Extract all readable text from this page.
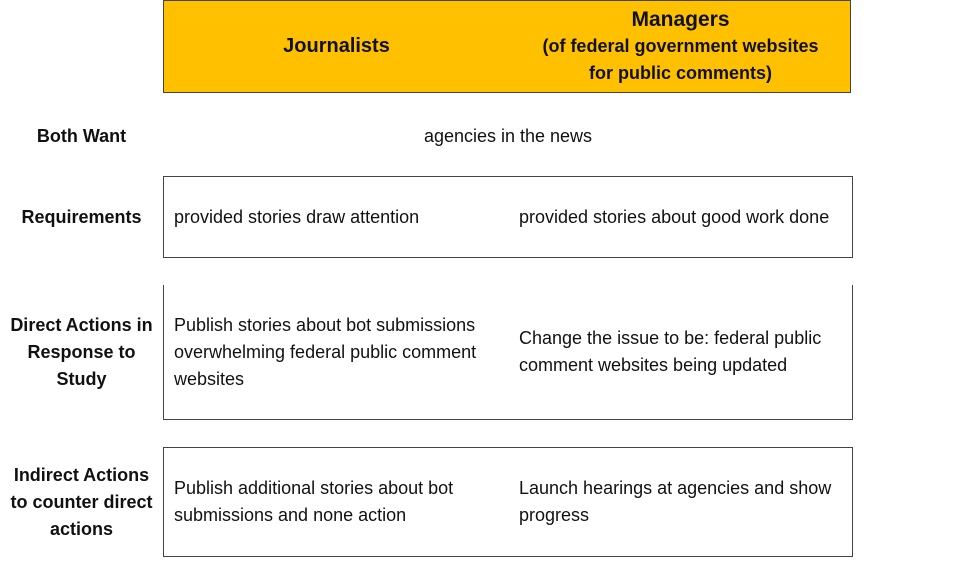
Journalists
Managers
(of federal government websites
for public comments)
Both Want	agencies in the news
Requirements provided stories draw attention	provided stories about good work done
Direct Actions in Response to Study
Publish stories about bot submissions overwhelming federal public comment websites
Change the issue to be: federal public comment websites being updated
Indirect Actions to counter direct actions
Publish additional stories about bot submissions and none action
Launch hearings at agencies and show progress
